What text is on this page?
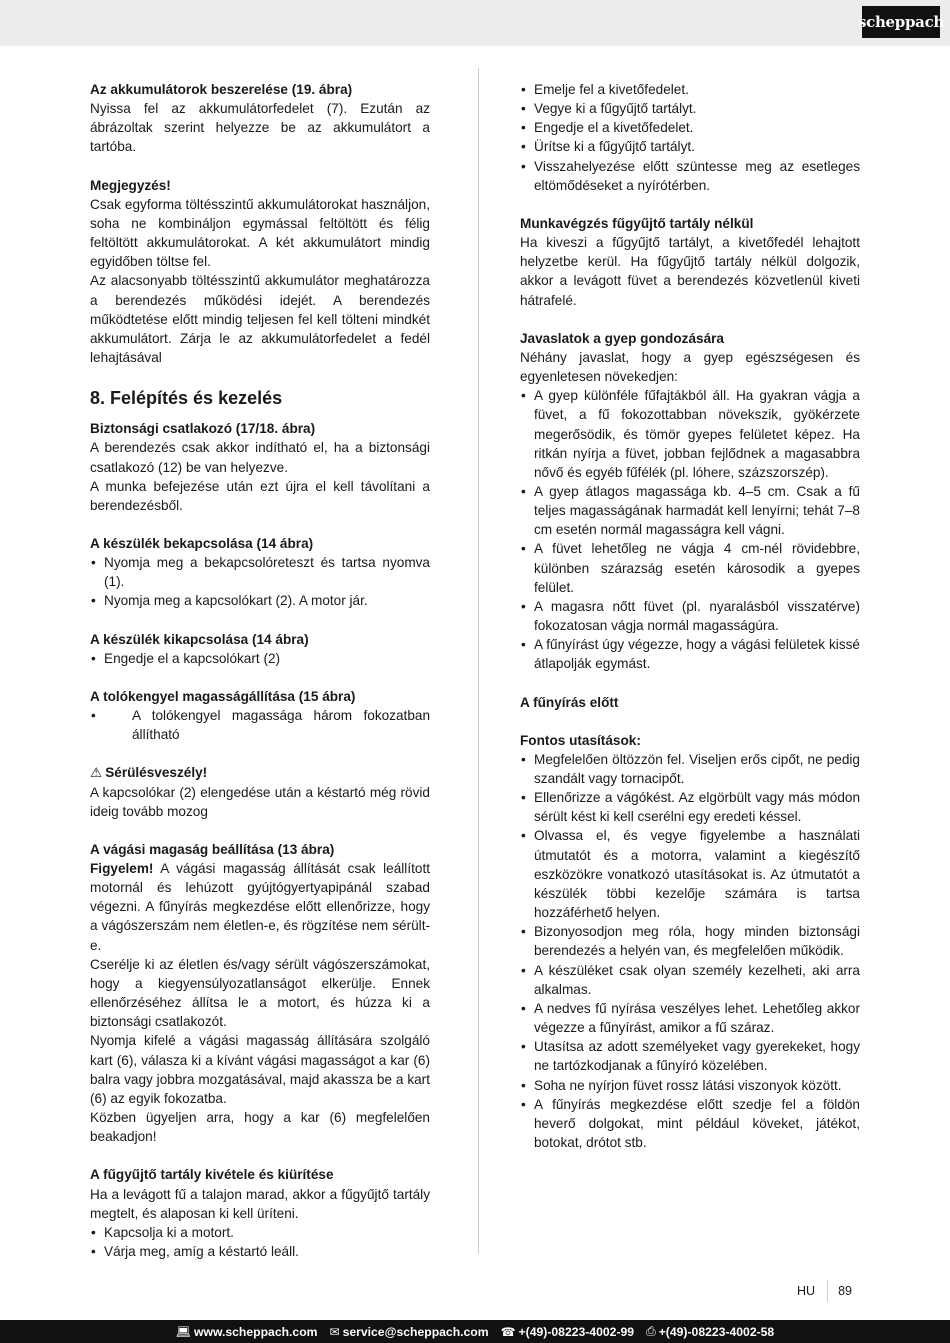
scheppach
Az akkumulátorok beszerelése (19. ábra)

Nyissa fel az akkumulátorfedelet (7). Ezután az ábrázoltak szerint helyezze be az akkumulátort a tartóba.

Megjegyzés!

Csak egyforma töltésszintű akkumulátorokat használjon, soha ne kombináljon egymással feltöltött és félig feltöltött akkumulátorokat. A két akkumulátort mindig egyidőben töltse fel.

Az alacsonyabb töltésszintű akkumulátor meghatározza a berendezés működési idejét. A berendezés működtetése előtt mindig teljesen fel kell tölteni mindkét akkumulátort. Zárja le az akkumulátorfedelet a fedél lehajtásával

8. Felépítés és kezelés
Biztonsági csatlakozó (17/18. ábra)

A berendezés csak akkor indítható el, ha a biztonsági csatlakozó (12) be van helyezve.

A munka befejezése után ezt újra el kell távolítani a berendezésből.

A készülék bekapcsolása (14 ábra)
• Nyomja meg a bekapcsolóreteszt és tartsa nyomva (1).
• Nyomja meg a kapcsolókart (2). A motor jár.
A készülék kikapcsolása (14 ábra)
• Engedje el a kapcsolókart (2)
A tolókengyel magasságállítása (15 ábra)
• A tolókengyel magassága három fokozatban állítható
⚠ Sérülésveszély!

A kapcsolókar (2) elengedése után a késtartó még rövid ideig tovább mozog

A vágási magaság beállítása (13 ábra)

Figyelem! A vágási magasság állítását csak leállított motornál és lehúzott gyújtógyertyapipánál szabad végezni. A fűnyírás megkezdése előtt ellenőrizze, hogy a vágószerszám nem életlen-e, és rögzítése nem sérült-e.

Cserélje ki az életlen és/vagy sérült vágószerszámokat, hogy a kiegyensúlyozatlanságot elkerülje. Ennek ellenőrzéséhez állítsa le a motort, és húzza ki a biztonsági csatlakozót.

Nyomja kifelé a vágási magasság állítására szolgáló kart (6), válasza ki a kívánt vágási magasságot a kar (6) balra vagy jobbra mozgatásával, majd akassza be a kart (6) az egyik fokozatba.

Közben ügyeljen arra, hogy a kar (6) megfelelően beakadjon!

A fűgyűjtő tartály kivétele és kiürítése

Ha a levágott fű a talajon marad, akkor a fűgyűjtő tartály megtelt, és alaposan ki kell üríteni.

• Kapcsolja ki a motort.
• Várja meg, amíg a késtartó leáll.
• Emelje fel a kivetőfedelet.
• Vegye ki a fűgyűjtő tartályt.
• Engedje el a kivetőfedelet.
• Ürítse ki a fűgyűjtő tartályt.
• Visszahelyezése előtt szüntesse meg az esetleges eltömődéseket a nyírótérben.
Munkavégzés fűgyűjtő tartály nélkül

Ha kiveszi a fűgyűjtő tartályt, a kivetőfedél lehajtott helyzetbe kerül. Ha fűgyűjtő tartály nélkül dolgozik, akkor a levágott füvet a berendezés közvetlenül kiveti hátrafelé.

Javaslatok a gyep gondozására

Néhány javaslat, hogy a gyep egészségesen és egyenletesen növekedjen:

• A gyep különféle fűfajtákból áll. Ha gyakran vágja a füvet, a fű fokozottabban növekszik, gyökérzete megerősödik, és tömör gyepes felületet képez. Ha ritkán nyírja a füvet, jobban fejlődnek a magasabbra nővő és egyéb fűfélék (pl. lóhere, százszorszép).
• A gyep átlagos magassága kb. 4–5 cm. Csak a fű teljes magasságának harmadát kell lenyírni; tehát 7–8 cm esetén normál magasságra kell vágni.
• A füvet lehetőleg ne vágja 4 cm-nél rövidebbre, különben szárazság esetén károsodik a gyepes felület.
• A magasra nőtt füvet (pl. nyaralásból visszatérve) fokozatosan vágja normál magasságúra.
• A fűnyírást úgy végezze, hogy a vágási felületek kissé átlapolják egymást.
A fűnyírás előtt
Fontos utasítások:
• Megfelelően öltözzön fel. Viseljen erős cipőt, ne pedig szandált vagy tornacipőt.
• Ellenőrizze a vágókést. Az elgörbült vagy más módon sérült kést ki kell cserélni egy eredeti késsel.
• Olvassa el, és vegye figyelembe a használati útmutatót és a motorra, valamint a kiegészítő eszközökre vonatkozó utasításokat is. Az útmutatót a készülék többi kezelője számára is tartsa hozzáférhető helyen.
• Bizonyosodjon meg róla, hogy minden biztonsági berendezés a helyén van, és megfelelően működik.
• A készüléket csak olyan személy kezelheti, aki arra alkalmas.
• A nedves fű nyírása veszélyes lehet. Lehetőleg akkor végezze a fűnyírást, amikor a fű száraz.
• Utasítsa az adott személyeket vagy gyerekeket, hogy ne tartózkodjanak a fűnyíró közelében.
• Soha ne nyírjon füvet rossz látási viszonyok között.
• A fűnyírás megkezdése előtt szedje fel a földön heverő dolgokat, mint például köveket, játékot, botokat, drótot stb.
HU 89
💻︎ www.scheppach.com ✉︎ service@scheppach.com ☎︎ +(49)-08223-4002-99 ⎙ +(49)-08223-4002-58
